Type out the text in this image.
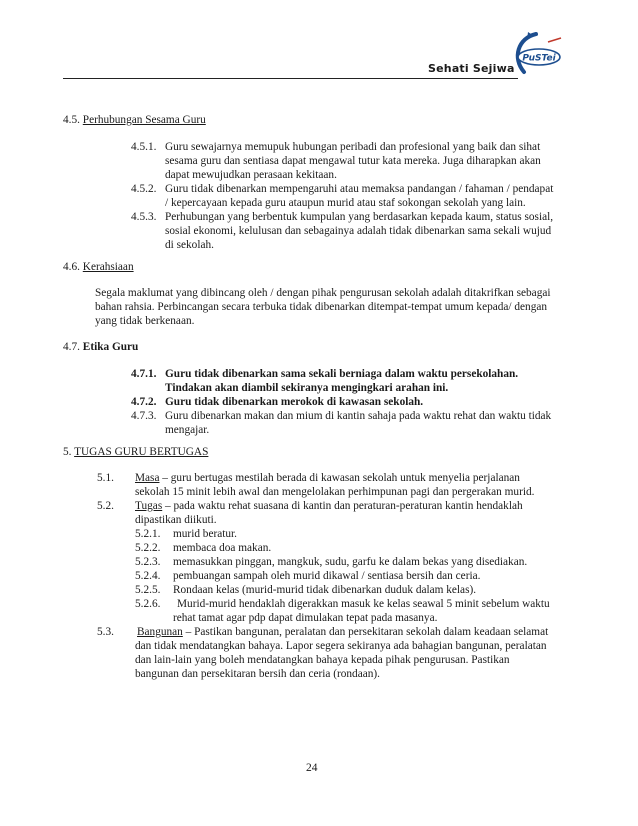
Sehati Sejiwa
PuSTei
4.5. Perhubungan Sesama Guru
4.5.1. Guru sewajarnya memupuk hubungan peribadi dan profesional yang baik dan sihat
sesama guru dan sentiasa dapat mengawal tutur kata mereka. Juga diharapkan akan
dapat mewujudkan perasaan kekitaan.
4.5.2. Guru tidak dibenarkan mempengaruhi atau memaksa pandangan / fahaman / pendapat
/ kepercayaan kepada guru ataupun murid atau staf sokongan sekolah yang lain.
4.5.3. Perhubungan yang berbentuk kumpulan yang berdasarkan kepada kaum, status sosial,
sosial ekonomi, kelulusan dan sebagainya adalah tidak dibenarkan sama sekali wujud
di sekolah.
4.6. Kerahsiaan
Segala maklumat yang dibincang oleh / dengan pihak pengurusan sekolah adalah ditakrifkan sebagai
bahan rahsia. Perbincangan secara terbuka tidak dibenarkan ditempat-tempat umum kepada/ dengan
yang tidak berkenaan.
4.7. Etika Guru
4.7.1. Guru tidak dibenarkan sama sekali berniaga dalam waktu persekolahan.
Tindakan akan diambil sekiranya mengingkari arahan ini.
4.7.2. Guru tidak dibenarkan merokok di kawasan sekolah.
4.7.3. Guru dibenarkan makan dan mium di kantin sahaja pada waktu rehat dan waktu tidak
mengajar.
5. TUGAS GURU BERTUGAS
5.1. Masa – guru bertugas mestilah berada di kawasan sekolah untuk menyelia perjalanan
sekolah 15 minit lebih awal dan mengelolakan perhimpunan pagi dan pergerakan murid.
5.2. Tugas – pada waktu rehat suasana di kantin dan peraturan-peraturan kantin hendaklah
dipastikan diikuti.
5.2.1. murid beratur.
5.2.2. membaca doa makan.
5.2.3. memasukkan pinggan, mangkuk, sudu, garfu ke dalam bekas yang disediakan.
5.2.4. pembuangan sampah oleh murid dikawal / sentiasa bersih dan ceria.
5.2.5. Rondaan kelas (murid-murid tidak dibenarkan duduk dalam kelas).
5.2.6. Murid-murid hendaklah digerakkan masuk ke kelas seawal 5 minit sebelum waktu
rehat tamat agar pdp dapat dimulakan tepat pada masanya.
5.3. Bangunan – Pastikan bangunan, peralatan dan persekitaran sekolah dalam keadaan selamat
dan tidak mendatangkan bahaya. Lapor segera sekiranya ada bahagian bangunan, peralatan
dan lain-lain yang boleh mendatangkan bahaya kepada pihak pengurusan. Pastikan
bangunan dan persekitaran bersih dan ceria (rondaan).
24
